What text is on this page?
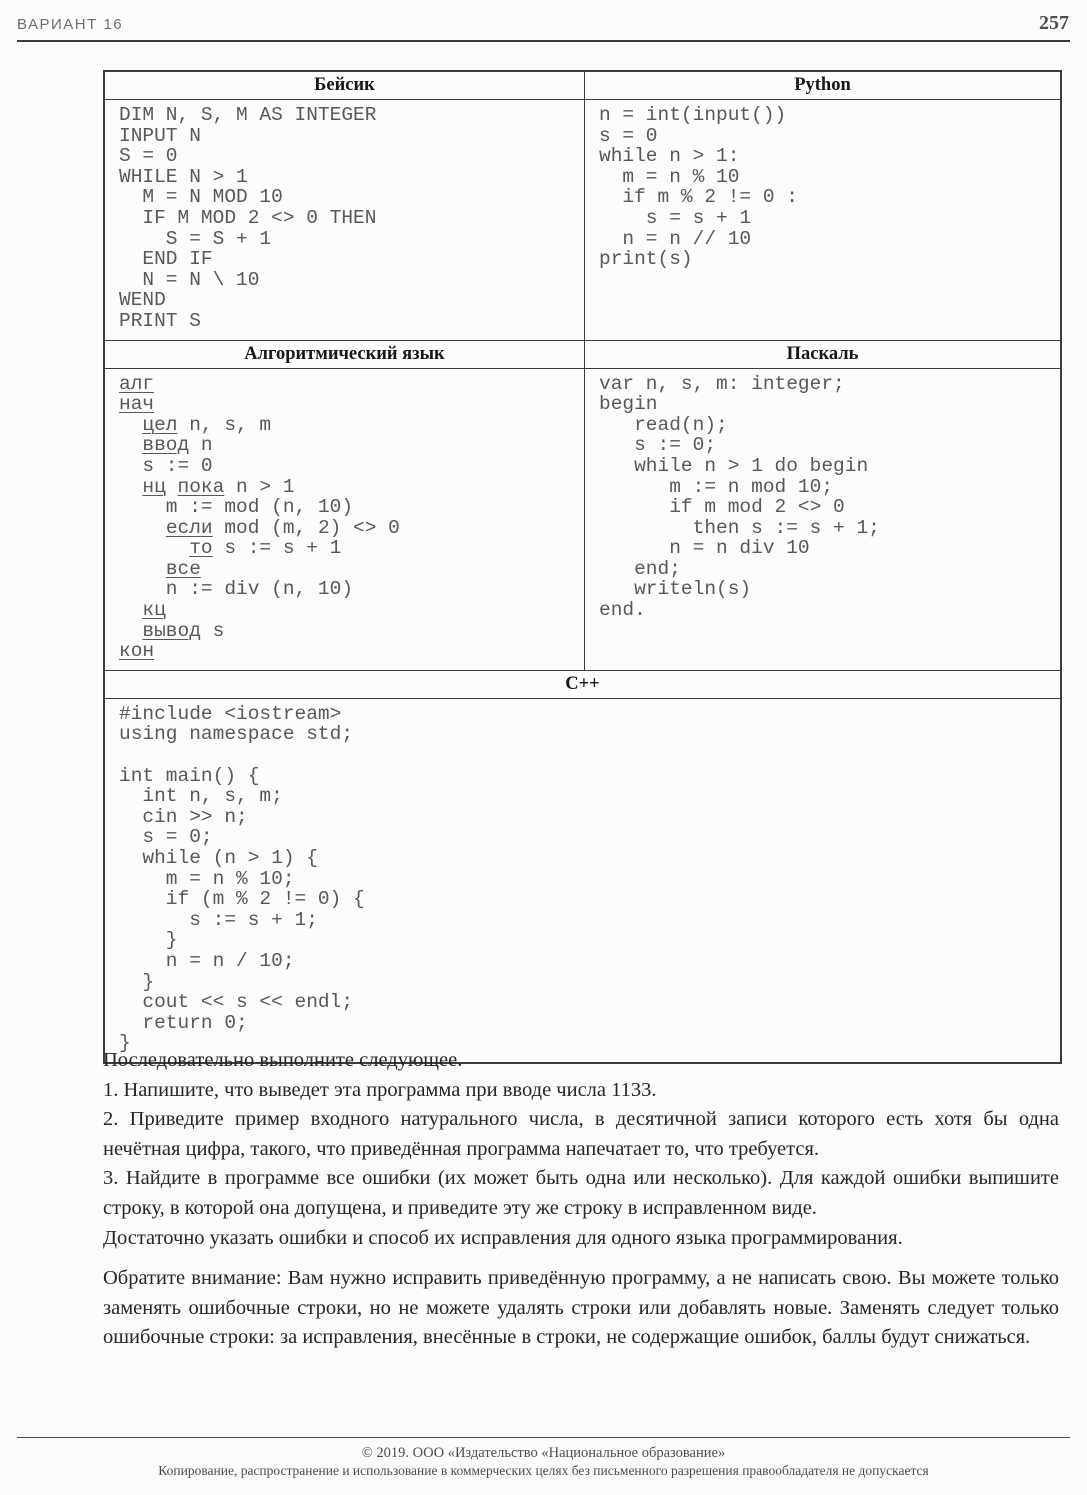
ВАРИАНТ 16	257
Бейсик	Python
DIM N, S, M AS INTEGER
INPUT N
S = 0
WHILE N > 1
M = N MOD 10
IF M MOD 2 <> 0 THEN
S = S + 1
END IF
N = N \ 10
WEND
PRINT S
n = int(input())
s = 0
while n > 1:
m = n % 10
if m % 2 != 0 :
s = s + 1
n = n // 10
print(s)
Алгоритмический язык	Паскаль
алг
нач
цел n, s, m
ввод n
s := 0
нц пока n > 1
m := mod (n, 10)
если mod (m, 2) <> 0
то s := s + 1
все
n := div (n, 10)
кц
вывод s
кон
var n, s, m: integer;
begin
read(n);
s := 0;
while n > 1 do begin
m := n mod 10;
if m mod 2 <> 0
then s := s + 1;
n = n div 10
end;
writeln(s)
end.
C++
#include <iostream>
using namespace std;

int main() {
int n, s, m;
cin >> n;
s = 0;
while (n > 1) {
m = n % 10;
if (m % 2 != 0) {
s := s + 1;
}
n = n / 10;
}
cout << s << endl;
return 0;
}

Последовательно выполните следующее.

1. Напишите, что выведет эта программа при вводе числа 1133.

2. Приведите пример входного натурального числа, в десятичной записи которого есть хотя бы одна нечётная цифра, такого, что приведённая программа напечатает то, что требуется.

3. Найдите в программе все ошибки (их может быть одна или несколько). Для каждой ошибки выпишите строку, в которой она допущена, и приведите эту же строку в исправленном виде.

Достаточно указать ошибки и способ их исправления для одного языка программирования.

Обратите внимание: Вам нужно исправить приведённую программу, а не написать свою. Вы можете только заменять ошибочные строки, но не можете удалять строки или добавлять новые. Заменять следует только ошибочные строки: за исправления, внесённые в строки, не содержащие ошибок, баллы будут снижаться.

© 2019. ООО «Издательство «Национальное образование»
Копирование, распространение и использование в коммерческих целях без письменного разрешения правообладателя не допускается
